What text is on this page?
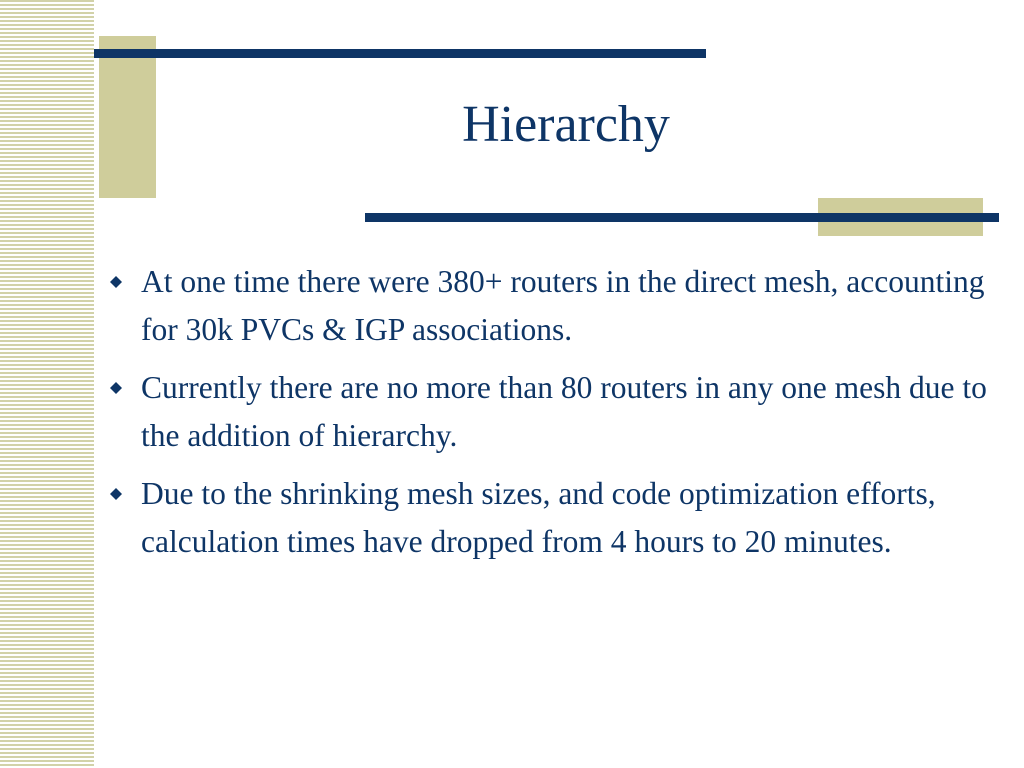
Hierarchy
At one time there were 380+ routers in the direct mesh, accounting for 30k PVCs & IGP associations.
Currently there are no more than 80 routers in any one mesh due to the addition of hierarchy.
Due to the shrinking mesh sizes, and code optimization efforts, calculation times have dropped from 4 hours to 20 minutes.
